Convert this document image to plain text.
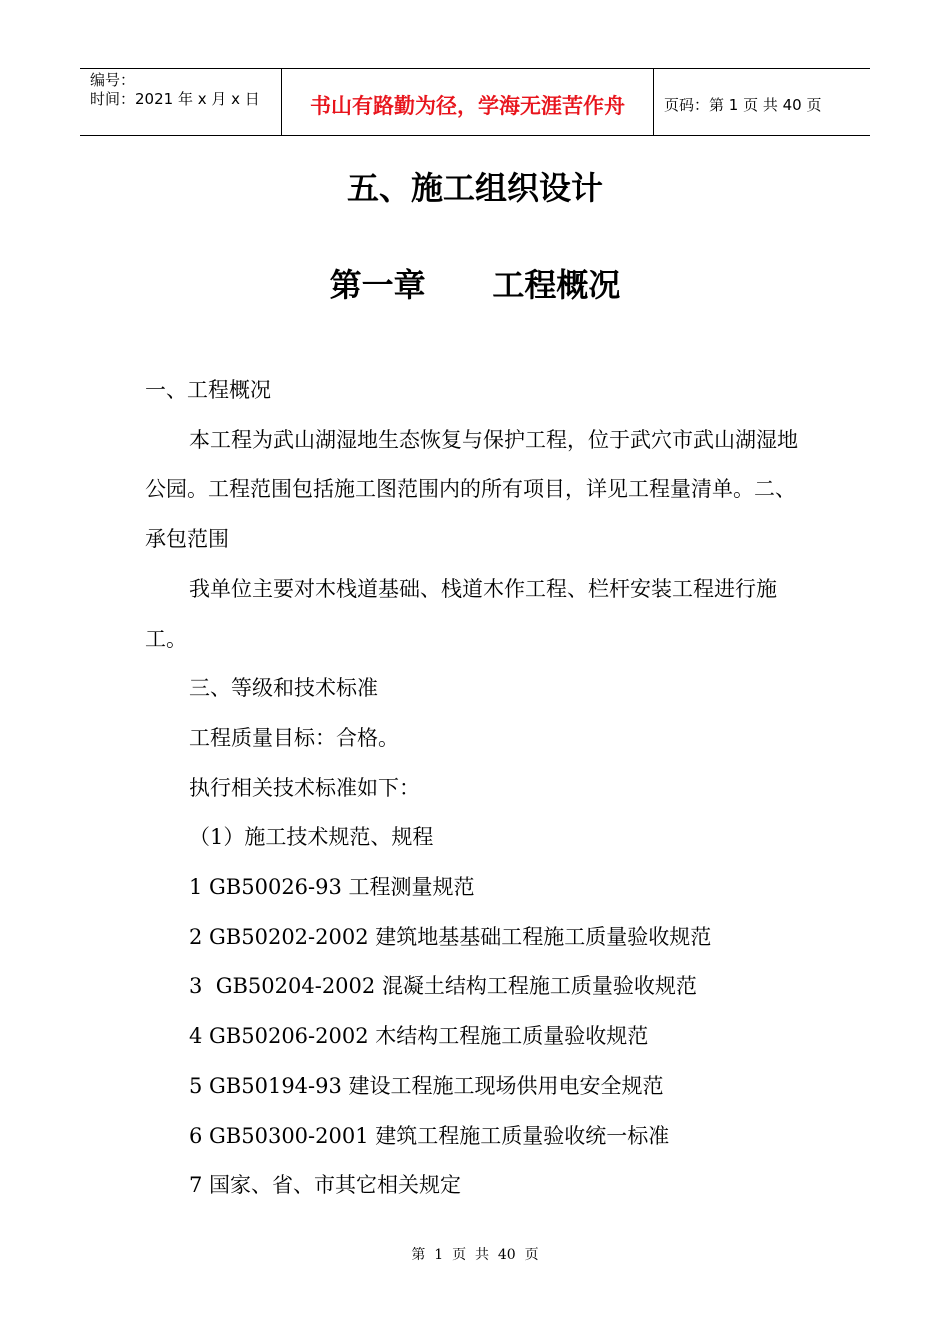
编号：
时间：2021 年 x 月 x 日	书山有路勤为径，学海无涯苦作舟	页码：第 1 页 共 40 页
五、施工组织设计
第一章      工程概况

一、工程概况

本工程为武山湖湿地生态恢复与保护工程，位于武穴市武山湖湿地公园。工程范围包括施工图范围内的所有项目，详见工程量清单。二、承包范围

我单位主要对木栈道基础、栈道木作工程、栏杆安装工程进行施工。

三、等级和技术标准

工程质量目标：合格。

执行相关技术标准如下：

（1）施工技术规范、规程

1 GB50026-93 工程测量规范

2 GB50202-2002 建筑地基基础工程施工质量验收规范

3  GB50204-2002 混凝土结构工程施工质量验收规范

4 GB50206-2002 木结构工程施工质量验收规范

5 GB50194-93 建设工程施工现场供用电安全规范

6 GB50300-2001 建筑工程施工质量验收统一标准

7 国家、省、市其它相关规定

第  1  页  共  40  页
